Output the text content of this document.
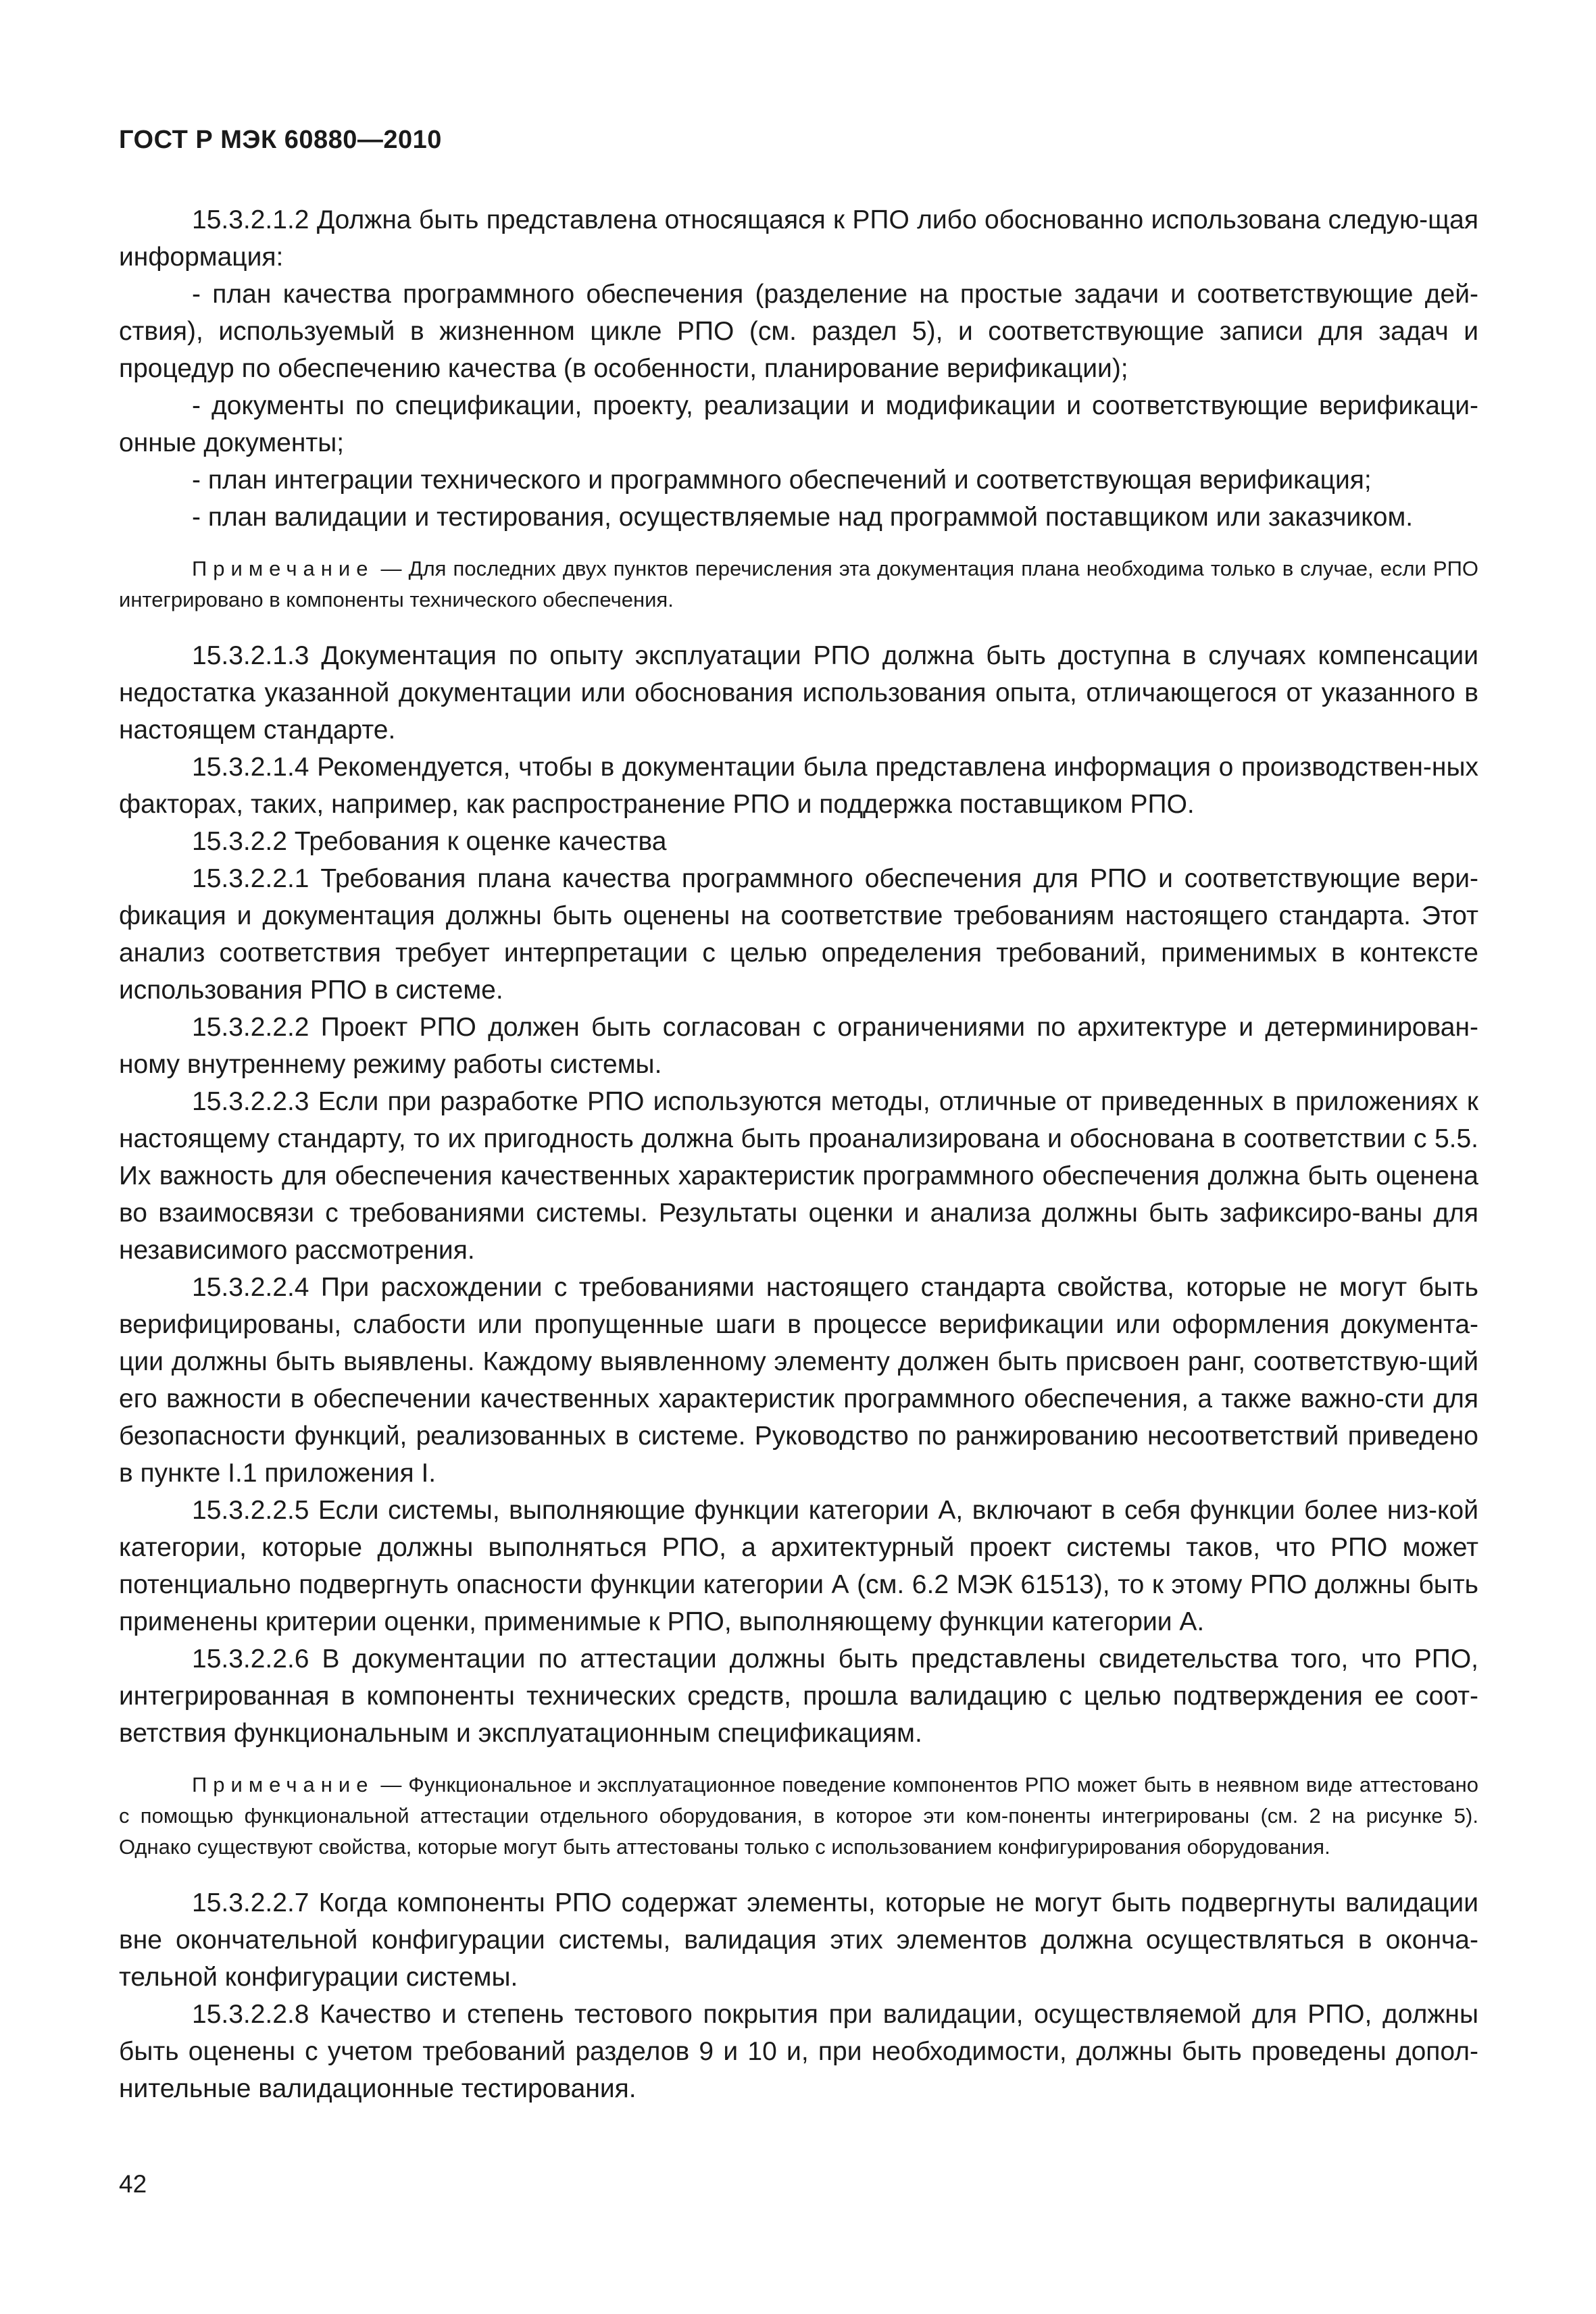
ГОСТ Р МЭК 60880—2010

15.3.2.1.2 Должна быть представлена относящаяся к РПО либо обоснованно использована следую-щая информация:

- план качества программного обеспечения (разделение на простые задачи и соответствующие дей-ствия), используемый в жизненном цикле РПО (см. раздел 5), и соответствующие записи для задач и процедур по обеспечению качества (в особенности, планирование верификации);

- документы по спецификации, проекту, реализации и модификации и соответствующие верификаци-онные документы;

- план интеграции технического и программного обеспечений и соответствующая верификация;

- план валидации и тестирования, осуществляемые над программой поставщиком или заказчиком.

Примечание — Для последних двух пунктов перечисления эта документация плана необходима только в случае, если РПО интегрировано в компоненты технического обеспечения.

15.3.2.1.3 Документация по опыту эксплуатации РПО должна быть доступна в случаях компенсации недостатка указанной документации или обоснования использования опыта, отличающегося от указанного в настоящем стандарте.

15.3.2.1.4 Рекомендуется, чтобы в документации была представлена информация о производствен-ных факторах, таких, например, как распространение РПО и поддержка поставщиком РПО.

15.3.2.2 Требования к оценке качества

15.3.2.2.1 Требования плана качества программного обеспечения для РПО и соответствующие вери-фикация и документация должны быть оценены на соответствие требованиям настоящего стандарта. Этот анализ соответствия требует интерпретации с целью определения требований, применимых в контексте использования РПО в системе.

15.3.2.2.2 Проект РПО должен быть согласован с ограничениями по архитектуре и детерминирован-ному внутреннему режиму работы системы.

15.3.2.2.3 Если при разработке РПО используются методы, отличные от приведенных в приложениях к настоящему стандарту, то их пригодность должна быть проанализирована и обоснована в соответствии с 5.5. Их важность для обеспечения качественных характеристик программного обеспечения должна быть оценена во взаимосвязи с требованиями системы. Результаты оценки и анализа должны быть зафиксиро-ваны для независимого рассмотрения.

15.3.2.2.4 При расхождении с требованиями настоящего стандарта свойства, которые не могут быть верифицированы, слабости или пропущенные шаги в процессе верификации или оформления документа-ции должны быть выявлены. Каждому выявленному элементу должен быть присвоен ранг, соответствую-щий его важности в обеспечении качественных характеристик программного обеспечения, а также важно-сти для безопасности функций, реализованных в системе. Руководство по ранжированию несоответствий приведено в пункте I.1 приложения I.

15.3.2.2.5 Если системы, выполняющие функции категории А, включают в себя функции более низ-кой категории, которые должны выполняться РПО, а архитектурный проект системы таков, что РПО может потенциально подвергнуть опасности функции категории А (см. 6.2 МЭК 61513), то к этому РПО должны быть применены критерии оценки, применимые к РПО, выполняющему функции категории А.

15.3.2.2.6 В документации по аттестации должны быть представлены свидетельства того, что РПО, интегрированная в компоненты технических средств, прошла валидацию с целью подтверждения ее соот-ветствия функциональным и эксплуатационным спецификациям.

Примечание — Функциональное и эксплуатационное поведение компонентов РПО может быть в неявном виде аттестовано с помощью функциональной аттестации отдельного оборудования, в которое эти ком-поненты интегрированы (см. 2 на рисунке 5). Однако существуют свойства, которые могут быть аттестованы только с использованием конфигурирования оборудования.

15.3.2.2.7 Когда компоненты РПО содержат элементы, которые не могут быть подвергнуты валидации вне окончательной конфигурации системы, валидация этих элементов должна осуществляться в оконча-тельной конфигурации системы.

15.3.2.2.8 Качество и степень тестового покрытия при валидации, осуществляемой для РПО, должны быть оценены с учетом требований разделов 9 и 10 и, при необходимости, должны быть проведены допол-нительные валидационные тестирования.

42
